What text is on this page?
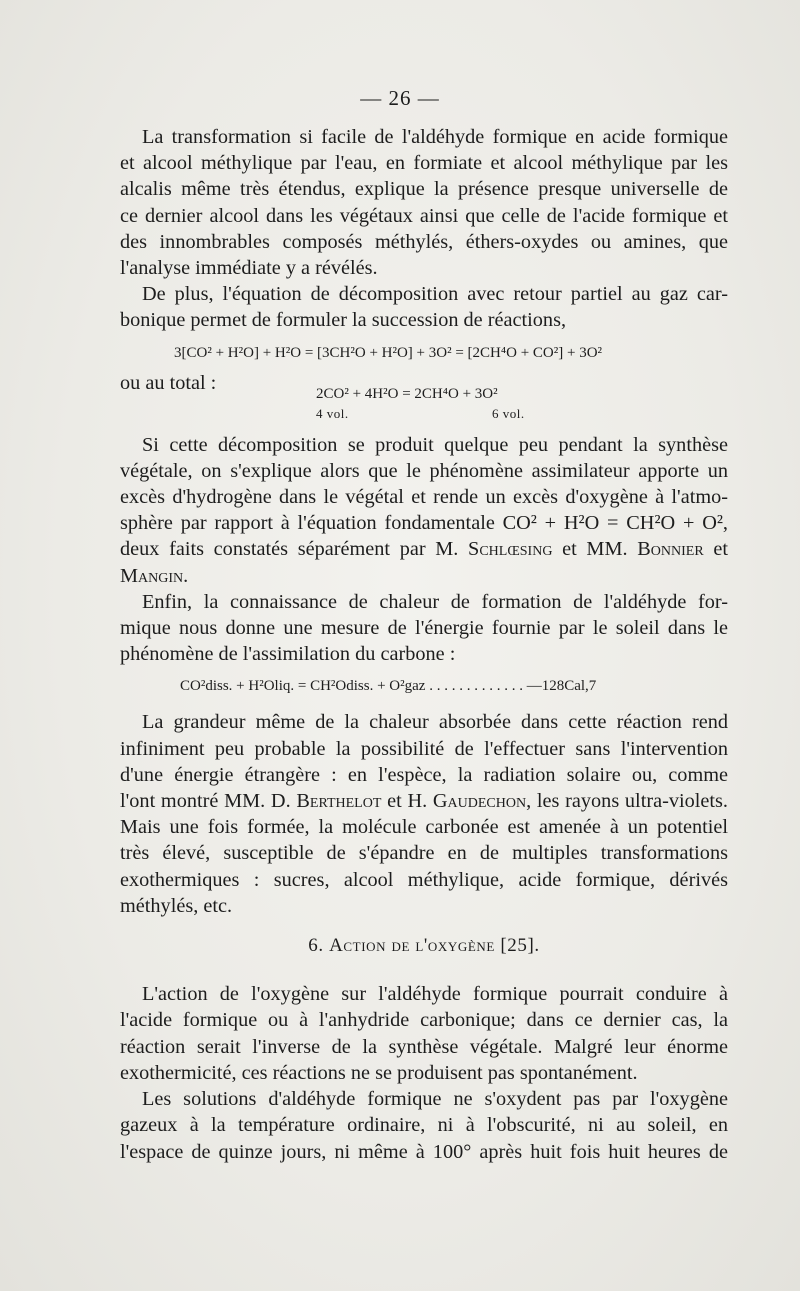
— 26 —
La transformation si facile de l'aldéhyde formique en acide formique
et alcool méthylique par l'eau, en formiate et alcool méthylique par les
alcalis même très étendus, explique la présence presque universelle de
ce dernier alcool dans les végétaux ainsi que celle de l'acide formique et
des innombrables composés méthylés, éthers-oxydes ou amines, que
l'analyse immédiate y a révélés.
De plus, l'équation de décomposition avec retour partiel au gaz car-
bonique permet de formuler la succession de réactions,
3[CO² + H²O] + H²O = [3CH²O + H²O] + 3O² = [2CH⁴O + CO²] + 3O²
ou au total :	2CO² + 4H²O = 2CH⁴O + 3O²
4 vol.	6 vol.
Si cette décomposition se produit quelque peu pendant la synthèse
végétale, on s'explique alors que le phénomène assimilateur apporte un
excès d'hydrogène dans le végétal et rende un excès d'oxygène à l'atmo-
sphère par rapport à l'équation fondamentale CO² + H²O = CH²O + O²,
deux faits constatés séparément par M. Schlœsing et MM. Bonnier et
Mangin.
Enfin, la connaissance de chaleur de formation de l'aldéhyde for-
mique nous donne une mesure de l'énergie fournie par le soleil dans le
phénomène de l'assimilation du carbone :
CO²diss. + H²Oliq. = CH²Odiss. + O²gaz . . . . . . . . . . . . . —128Cal,7
La grandeur même de la chaleur absorbée dans cette réaction rend
infiniment peu probable la possibilité de l'effectuer sans l'intervention
d'une énergie étrangère : en l'espèce, la radiation solaire ou, comme
l'ont montré MM. D. Berthelot et H. Gaudechon, les rayons ultra-violets.
Mais une fois formée, la molécule carbonée est amenée à un potentiel
très élevé, susceptible de s'épandre en de multiples transformations
exothermiques : sucres, alcool méthylique, acide formique, dérivés
méthylés, etc.
6. Action de l'oxygène [25].
L'action de l'oxygène sur l'aldéhyde formique pourrait conduire à
l'acide formique ou à l'anhydride carbonique; dans ce dernier cas, la
réaction serait l'inverse de la synthèse végétale. Malgré leur énorme
exothermicité, ces réactions ne se produisent pas spontanément.
Les solutions d'aldéhyde formique ne s'oxydent pas par l'oxygène
gazeux à la température ordinaire, ni à l'obscurité, ni au soleil, en
l'espace de quinze jours, ni même à 100° après huit fois huit heures de
